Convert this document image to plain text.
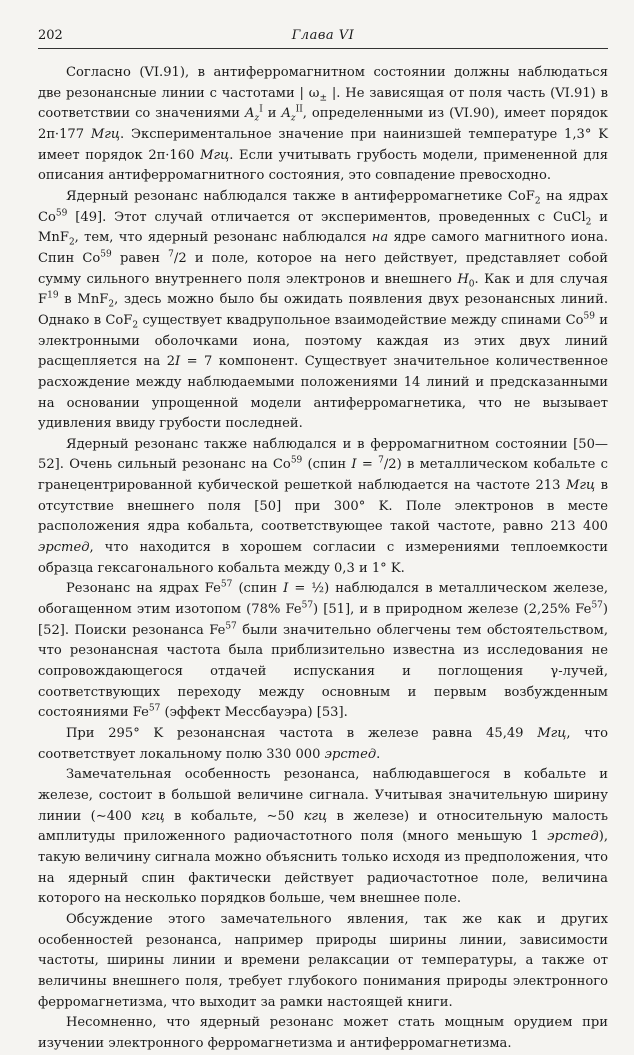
202	Глава VI

Согласно (VI.91), в антиферромагнитном состоянии должны наблюдаться две резонансные линии с частотами | $\omega_\pm$ |. Не зависящая от поля часть (VI.91) в соответствии со значениями $A_z^I$ и $A_z^{II}$, определенными из (VI.90), имеет порядок 2π·177 Мгц. Экспериментальное значение при наинизшей температуре 1,3° K имеет порядок 2π·160 Мгц. Если учитывать грубость модели, примененной для описания антиферромагнитного состояния, это совпадение превосходно.

Ядерный резонанс наблюдался также в антиферромагнетике CoF$_2$ на ядрах Co$^{59}$ [49]. Этот случай отличается от экспериментов, проведенных с CuCl$_2$ и MnF$_2$, тем, что ядерный резонанс наблюдался на ядре самого магнитного иона. Спин Co$^{59}$ равен $^7$/2 и поле, которое на него действует, представляет собой сумму сильного внутреннего поля электронов и внешнего $H_0$. Как и для случая $F^{19}$ в MnF$_2$, здесь можно было бы ожидать появления двух резонансных линий. Однако в CoF$_2$ существует квадрупольное взаимодействие между спинами Co$^{59}$ и электронными оболочками иона, поэтому каждая из этих двух линий расщепляется на 2I = 7 компонент. Существует значительное количественное расхождение между наблюдаемыми положениями 14 линий и предсказанными на основании упрощенной модели антиферромагнетика, что не вызывает удивления ввиду грубости последней.

Ядерный резонанс также наблюдался и в ферромагнитном состоянии [50—52]. Очень сильный резонанс на Co$^{59}$ (спин I = $^7$/2) в металлическом кобальте с гранецентрированной кубической решеткой наблюдается на частоте 213 Мгц в отсутствие внешнего поля [50] при 300° K. Поле электронов в месте расположения ядра кобальта, соответствующее такой частоте, равно 213 400 эрстед, что находится в хорошем согласии с измерениями теплоемкости образца гексагонального кобальта между 0,3 и 1° K.

Резонанс на ядрах Fe$^{57}$ (спин I = ½) наблюдался в металлическом железе, обогащенном этим изотопом (78% Fe$^{57}$) [51], и в природном железе (2,25% Fe$^{57}$) [52]. Поиски резонанса Fe$^{57}$ были значительно облегчены тем обстоятельством, что резонансная частота была приблизительно известна из исследования не сопровождающегося отдачей испускания и поглощения γ-лучей, соответствующих переходу между основным и первым возбужденным состояниями Fe$^{57}$ (эффект Мессбауэра) [53].

При 295° K резонансная частота в железе равна 45,49 Мгц, что соответствует локальному полю 330 000 эрстед.

Замечательная особенность резонанса, наблюдавшегося в кобальте и железе, состоит в большой величине сигнала. Учитывая значительную ширину линии (∼400 кгц в кобальте, ∼50 кгц в железе) и относительную малость амплитуды приложенного радиочастотного поля (много меньшую 1 эрстед), такую величину сигнала можно объяснить только исходя из предположения, что на ядерный спин фактически действует радиочастотное поле, величина которого на несколько порядков больше, чем внешнее поле.

Обсуждение этого замечательного явления, так же как и других особенностей резонанса, например природы ширины линии, зависимости частоты, ширины линии и времени релаксации от температуры, а также от величины внешнего поля, требует глубокого понимания природы электронного ферромагнетизма, что выходит за рамки настоящей книги.

Несомненно, что ядерный резонанс может стать мощным орудием при изучении электронного ферромагнетизма и антиферромагнетизма.
